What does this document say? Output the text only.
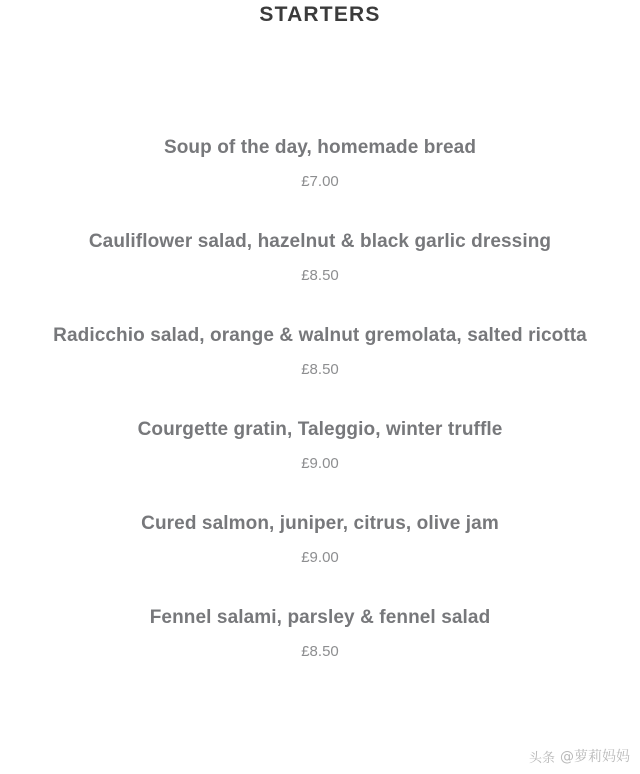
STARTERS

Soup of the day, homemade bread

£7.00

Cauliflower salad, hazelnut & black garlic dressing

£8.50

Radicchio salad, orange & walnut gremolata, salted ricotta

£8.50

Courgette gratin, Taleggio, winter truffle

£9.00

Cured salmon, juniper, citrus, olive jam

£9.00

Fennel salami, parsley & fennel salad

£8.50

头条 @萝莉妈妈
